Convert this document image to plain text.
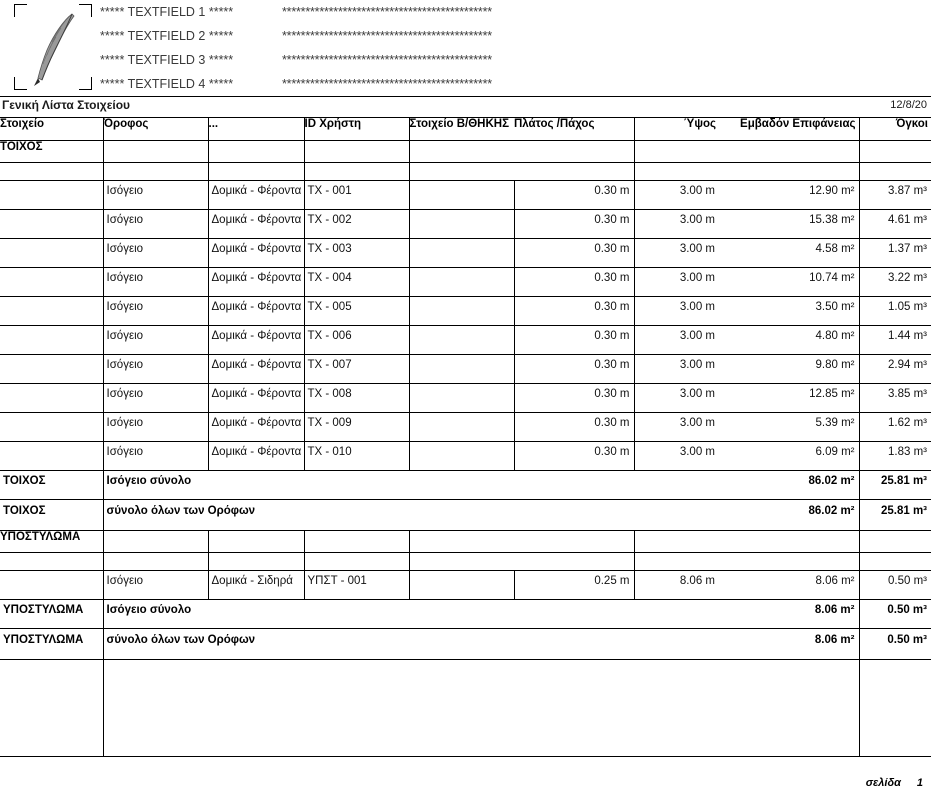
***** TEXTFIELD 1 *****	*********************************************
***** TEXTFIELD 2 *****	*********************************************
***** TEXTFIELD 3 *****	*********************************************
***** TEXTFIELD 4 *****	*********************************************
Γενική Λίστα Στοιχείου	12/8/20
Στοιχείο	Όροφος	...	ID Χρήστη	Στοιχείο Β/ΘΗΚΗΣ	Πλάτος /Πάχος	Ύψος	Εμβαδόν Επιφάνειας	Όγκοι
ΤΟΙΧΟΣ								

	Ισόγειο	Δομικά - Φέροντα	TX - 001		0.30 m	3.00 m	12.90 m²	3.87 m³
	Ισόγειο	Δομικά - Φέροντα	TX - 002		0.30 m	3.00 m	15.38 m²	4.61 m³
	Ισόγειο	Δομικά - Φέροντα	TX - 003		0.30 m	3.00 m	4.58 m²	1.37 m³
	Ισόγειο	Δομικά - Φέροντα	TX - 004		0.30 m	3.00 m	10.74 m²	3.22 m³
	Ισόγειο	Δομικά - Φέροντα	TX - 005		0.30 m	3.00 m	3.50 m²	1.05 m³
	Ισόγειο	Δομικά - Φέροντα	TX - 006		0.30 m	3.00 m	4.80 m²	1.44 m³
	Ισόγειο	Δομικά - Φέροντα	TX - 007		0.30 m	3.00 m	9.80 m²	2.94 m³
	Ισόγειο	Δομικά - Φέροντα	TX - 008		0.30 m	3.00 m	12.85 m²	3.85 m³
	Ισόγειο	Δομικά - Φέροντα	TX - 009		0.30 m	3.00 m	5.39 m²	1.62 m³
	Ισόγειο	Δομικά - Φέροντα	TX - 010		0.30 m	3.00 m	6.09 m²	1.83 m³
ΤΟΙΧΟΣ	Ισόγειο σύνολο						86.02 m²	25.81 m³
ΤΟΙΧΟΣ	σύνολο όλων των Ορόφων						86.02 m²	25.81 m³
ΥΠΟΣΤΥΛΩΜΑ								

	Ισόγειο	Δομικά - Σιδηρά	ΥΠΣΤ - 001		0.25 m	8.06 m	8.06 m²	0.50 m³
ΥΠΟΣΤΥΛΩΜΑ	Ισόγειο σύνολο						8.06 m²	0.50 m³
ΥΠΟΣΤΥΛΩΜΑ	σύνολο όλων των Ορόφων						8.06 m²	0.50 m³
σελίδα 1
